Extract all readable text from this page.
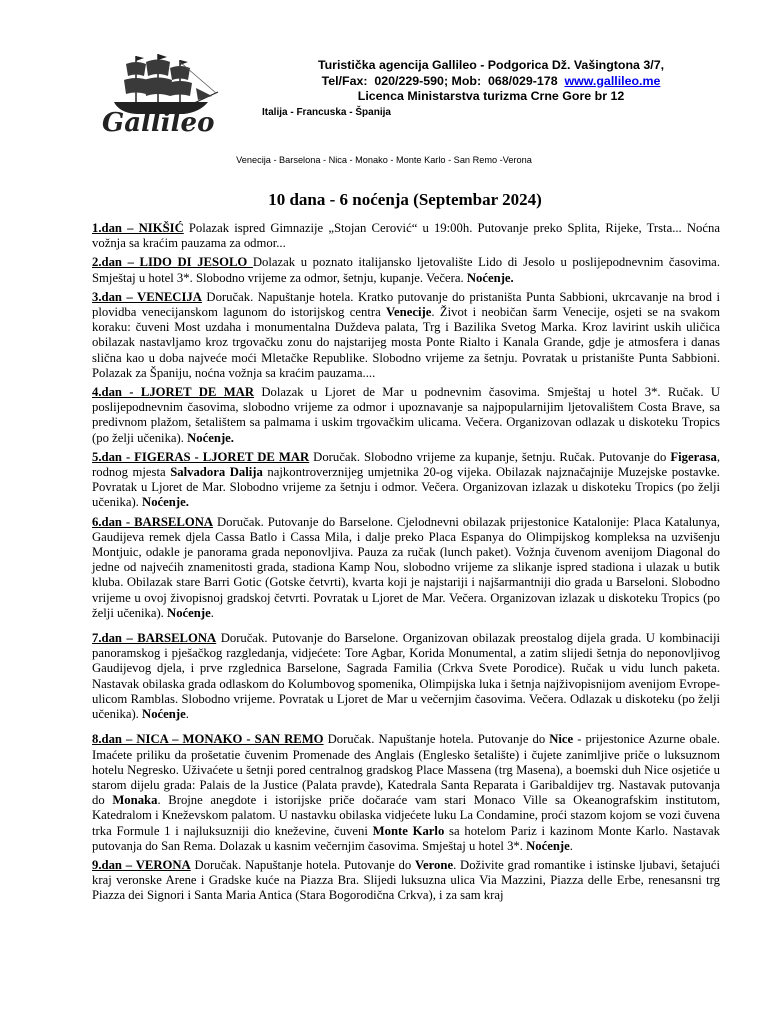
Gallileo
Turistička agencija Gallileo - Podgorica Dž. Vašingtona 3/7,
Tel/Fax:  020/229-590; Mob:  068/029-178  www.gallileo.me
Licenca Ministarstva turizma Crne Gore br 12
Italija - Francuska - Španija
Venecija - Barselona - Nica - Monako - Monte Karlo - San Remo -Verona
10 dana - 6 noćenja (Septembar 2024)
1.dan – NIKŠIĆ Polazak ispred Gimnazije „Stojan Cerović“ u 19:00h. Putovanje preko Splita, Rijeke, Trsta... Noćna vožnja sa kraćim pauzama za odmor...
2.dan – LIDO DI JESOLO Dolazak u poznato italijansko ljetovalište Lido di Jesolo u poslijepodnevnim časovima. Smještaj u hotel 3*. Slobodno vrijeme za odmor, šetnju, kupanje. Večera. Noćenje.
3.dan – VENECIJA Doručak. Napuštanje hotela. Kratko putovanje do pristaništa Punta Sabbioni, ukrcavanje na brod i plovidba venecijanskom lagunom do istorijskog centra Venecije. Život i neobičan šarm Venecije, osjeti se na svakom koraku: čuveni Most uzdaha i monumentalna Duždeva palata, Trg i Bazilika Svetog Marka. Kroz lavirint uskih uličica obilazak nastavljamo kroz trgovačku zonu do najstarijeg mosta Ponte Rialto i Kanala Grande, gdje je atmosfera i danas slična kao u doba najveće moći Mletačke Republike. Slobodno vrijeme za šetnju. Povratak u pristanište Punta Sabbioni. Polazak za Španiju, noćna vožnja sa kraćim pauzama....
4.dan - LJORET DE MAR Dolazak u Ljoret de Mar u podnevnim časovima. Smještaj u hotel 3*. Ručak. U poslijepodnevnim časovima, slobodno vrijeme za odmor i upoznavanje sa najpopularnijim ljetovalištem Costa Brave, sa predivnom plažom, šetalištem sa palmama i uskim trgovačkim ulicama. Večera. Organizovan odlazak u diskoteku Tropics (po želji učenika). Noćenje.
5.dan - FIGERAS - LJORET DE MAR Doručak. Slobodno vrijeme za kupanje, šetnju. Ručak. Putovanje do Figerasa, rodnog mjesta Salvadora Dalija najkontroverznijeg umjetnika 20-og vijeka. Obilazak najznačajnije Muzejske postavke. Povratak u Ljoret de Mar. Slobodno vrijeme za šetnju i odmor. Večera. Organizovan izlazak u diskoteku Tropics (po želji učenika). Noćenje.
6.dan - BARSELONA Doručak. Putovanje do Barselone. Cjelodnevni obilazak prijestonice Katalonije: Placa Katalunya, Gaudijeva remek djela Cassa Batlo i Cassa Mila, i dalje preko Placa Espanya do Olimpijskog kompleksa na uzvišenju Montjuic, odakle je panorama grada neponovljiva. Pauza za ručak (lunch paket). Vožnja čuvenom avenijom Diagonal do jedne od najvećih znamenitosti grada, stadiona Kamp Nou, slobodno vrijeme za slikanje ispred stadiona i ulazak u butik kluba. Obilazak stare Barri Gotic (Gotske četvrti), kvarta koji je najstariji i najšarmantniji dio grada u Barseloni. Slobodno vrijeme u ovoj živopisnoj gradskoj četvrti. Povratak u Ljoret de Mar. Večera. Organizovan izlazak u diskoteku Tropics (po želji učenika). Noćenje.
7.dan – BARSELONA Doručak. Putovanje do Barselone. Organizovan obilazak preostalog dijela grada. U kombinaciji panoramskog i pješačkog razgledanja, vidjećete: Tore Agbar, Korida Monumental, a zatim slijedi šetnja do neponovljivog Gaudijevog djela, i prve rzglednica Barselone, Sagrada Familia (Crkva Svete Porodice). Ručak u vidu lunch paketa. Nastavak obilaska grada odlaskom do Kolumbovog spomenika, Olimpijska luka i šetnja najživopisnijom avenijom Evrope-ulicom Ramblas. Slobodno vrijeme. Povratak u Ljoret de Mar u večernjim časovima. Večera. Odlazak u diskoteku (po želji učenika). Noćenje.
8.dan – NICA – MONAKO - SAN REMO Doručak. Napuštanje hotela. Putovanje do Nice - prijestonice Azurne obale. Imaćete priliku da prošetatie čuvenim Promenade des Anglais (Englesko šetalište) i čujete zanimljive priče o luksuznom hotelu Negresko. Uživaćete u šetnji pored centralnog gradskog Place Massena (trg Masena), a boemski duh Nice osjetiće u starom dijelu grada: Palais de la Justice (Palata pravde), Katedrala Santa Reparata i Garibaldijev trg. Nastavak putovanja do Monaka. Brojne anegdote i istorijske priče dočaraće vam stari Monaco Ville sa Okeanografskim institutom, Katedralom i Kneževskom palatom. U nastavku obilaska vidjećete luku La Condamine, proći stazom kojom se vozi čuvena trka Formule 1 i najluksuzniji dio kneževine, čuveni Monte Karlo sa hotelom Pariz i kazinom Monte Karlo. Nastavak putovanja do San Rema. Dolazak u kasnim večernjim časovima. Smještaj u hotel 3*. Noćenje.
9.dan – VERONA Doručak. Napuštanje hotela. Putovanje do Verone. Doživite grad romantike i istinske ljubavi, šetajući kraj veronske Arene i Gradske kuće na Piazza Bra. Slijedi luksuzna ulica Via Mazzini, Piazza delle Erbe, renesansni trg Piazza dei Signori i Santa Maria Antica (Stara Bogorodična Crkva), i za sam kraj
